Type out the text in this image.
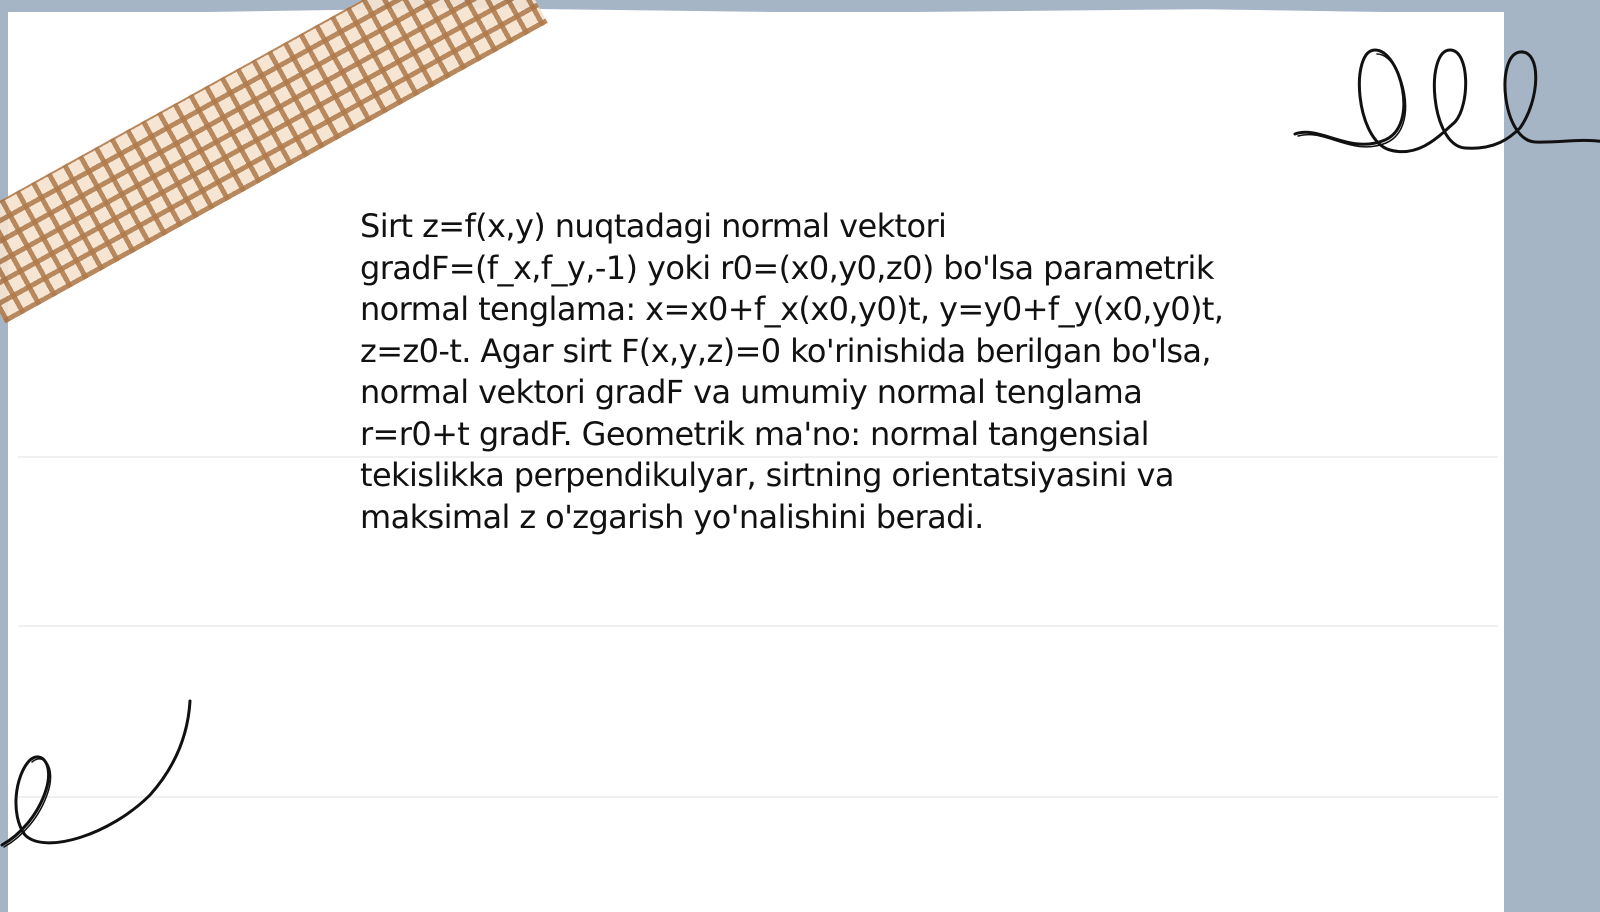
Sirt z=f(x,y) nuqtadagi normal vektori
gradF=(f_x,f_y,-1) yoki r0=(x0,y0,z0) bo'lsa parametrik
normal tenglama: x=x0+f_x(x0,y0)t, y=y0+f_y(x0,y0)t,
z=z0-t. Agar sirt F(x,y,z)=0 ko'rinishida berilgan bo'lsa,
normal vektori gradF va umumiy normal tenglama
r=r0+t gradF. Geometrik ma'no: normal tangensial
tekislikka perpendikulyar, sirtning orientatsiyasini va
maksimal z o'zgarish yo'nalishini beradi.
